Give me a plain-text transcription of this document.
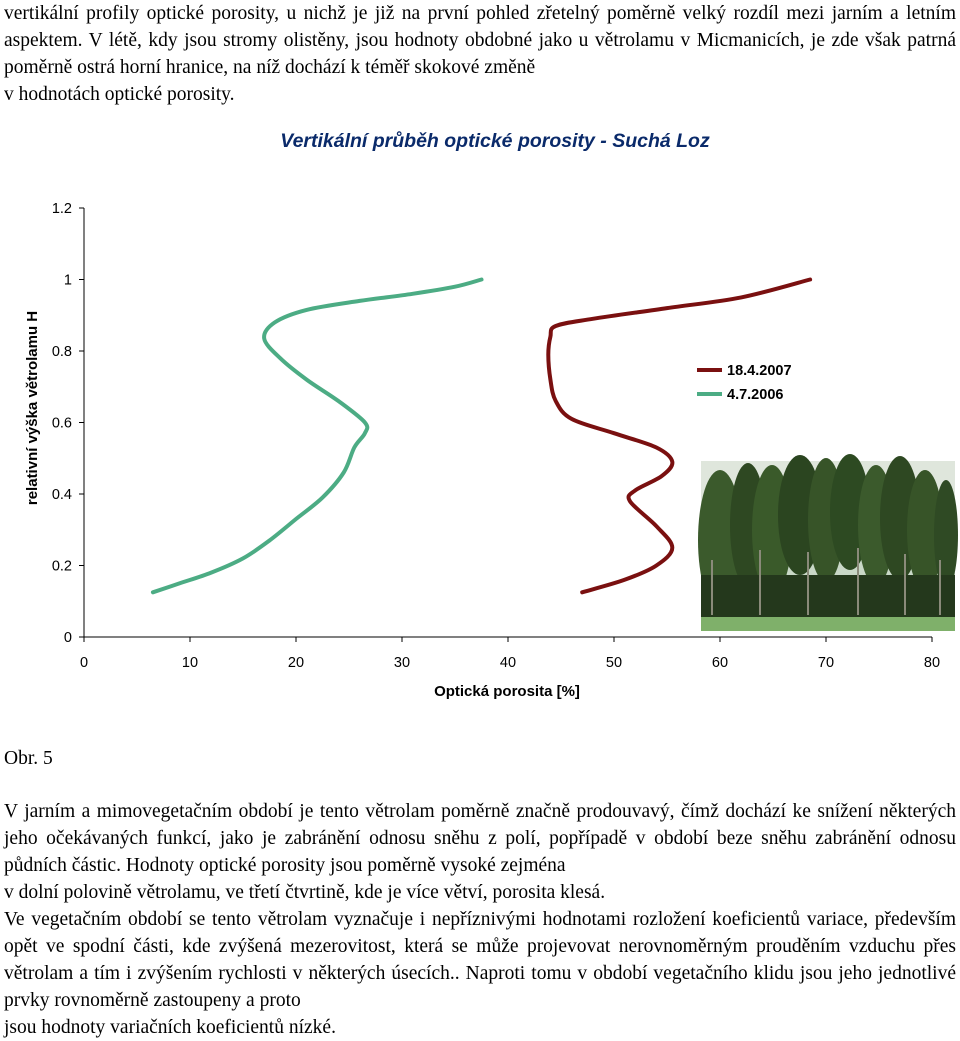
vertikální profily optické porosity, u nichž je již na první pohled zřetelný poměrně velký rozdíl mezi jarním a letním aspektem. V létě, kdy jsou stromy olistěny, jsou hodnoty obdobné jako u větrolamu v Micmanicích, je zde však patrná poměrně ostrá horní hranice, na níž dochází k téměř skokové změně
v hodnotách optické porosity.

0
0.2
0.4
0.6
0.8
1
1.2
0	10	20	30	40	50	60	70	80
Vertikální průběh optické porosity - Suchá Loz
Optická porosita [%]
relativní výška větrolamu H	18.4.2007
4.7.2006
Obr. 5

V jarním a mimovegetačním období je tento větrolam poměrně značně prodouvavý, čímž dochází ke snížení některých jeho očekávaných funkcí, jako je zabránění odnosu sněhu z polí, popřípadě v období beze sněhu zabránění odnosu půdních částic. Hodnoty optické porosity jsou poměrně vysoké zejména
v dolní polovině větrolamu, ve třetí čtvrtině, kde je více větví, porosita klesá.

Ve vegetačním období se tento větrolam vyznačuje i nepříznivými hodnotami rozložení koeficientů variace, především opět ve spodní části, kde zvýšená mezerovitost, která se může projevovat nerovnoměrným prouděním vzduchu přes větrolam a tím i zvýšením rychlosti v některých úsecích.. Naproti tomu v období vegetačního klidu jsou jeho jednotlivé prvky rovnoměrně zastoupeny a proto
jsou hodnoty variačních koeficientů nízké.
